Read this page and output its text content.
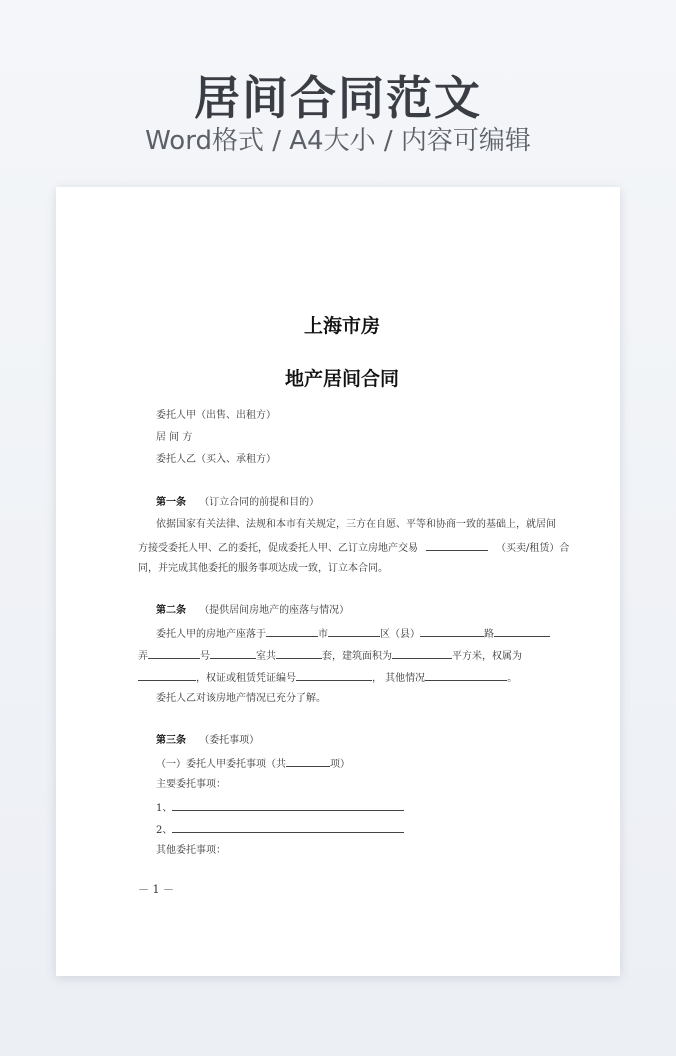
居间合同范文
Word格式 / A4大小 / 内容可编辑
上海市房
地产居间合同
委托人甲（出售、出租方）
居 间 方
委托人乙（买入、承租方）
第一条 （订立合同的前提和目的）
依据国家有关法律、法规和本市有关规定，三方在自愿、平等和协商一致的基础上，就居间
方接受委托人甲、乙的委托，促成委托人甲、乙订立房地产交易	（买卖/租赁）合
同，并完成其他委托的服务事项达成一致，订立本合同。
第二条 （提供居间房地产的座落与情况）
委托人甲的房地产座落于	市	区（县）	路
弄	号	室共	套，建筑面积为	平方米，权属为
，权证或租赁凭证编号	， 其他情况	。
委托人乙对该房地产情况已充分了解。
第三条 （委托事项）
（一）委托人甲委托事项（共	项）
主要委托事项：
1、
2、
其他委托事项：
－ 1 －
